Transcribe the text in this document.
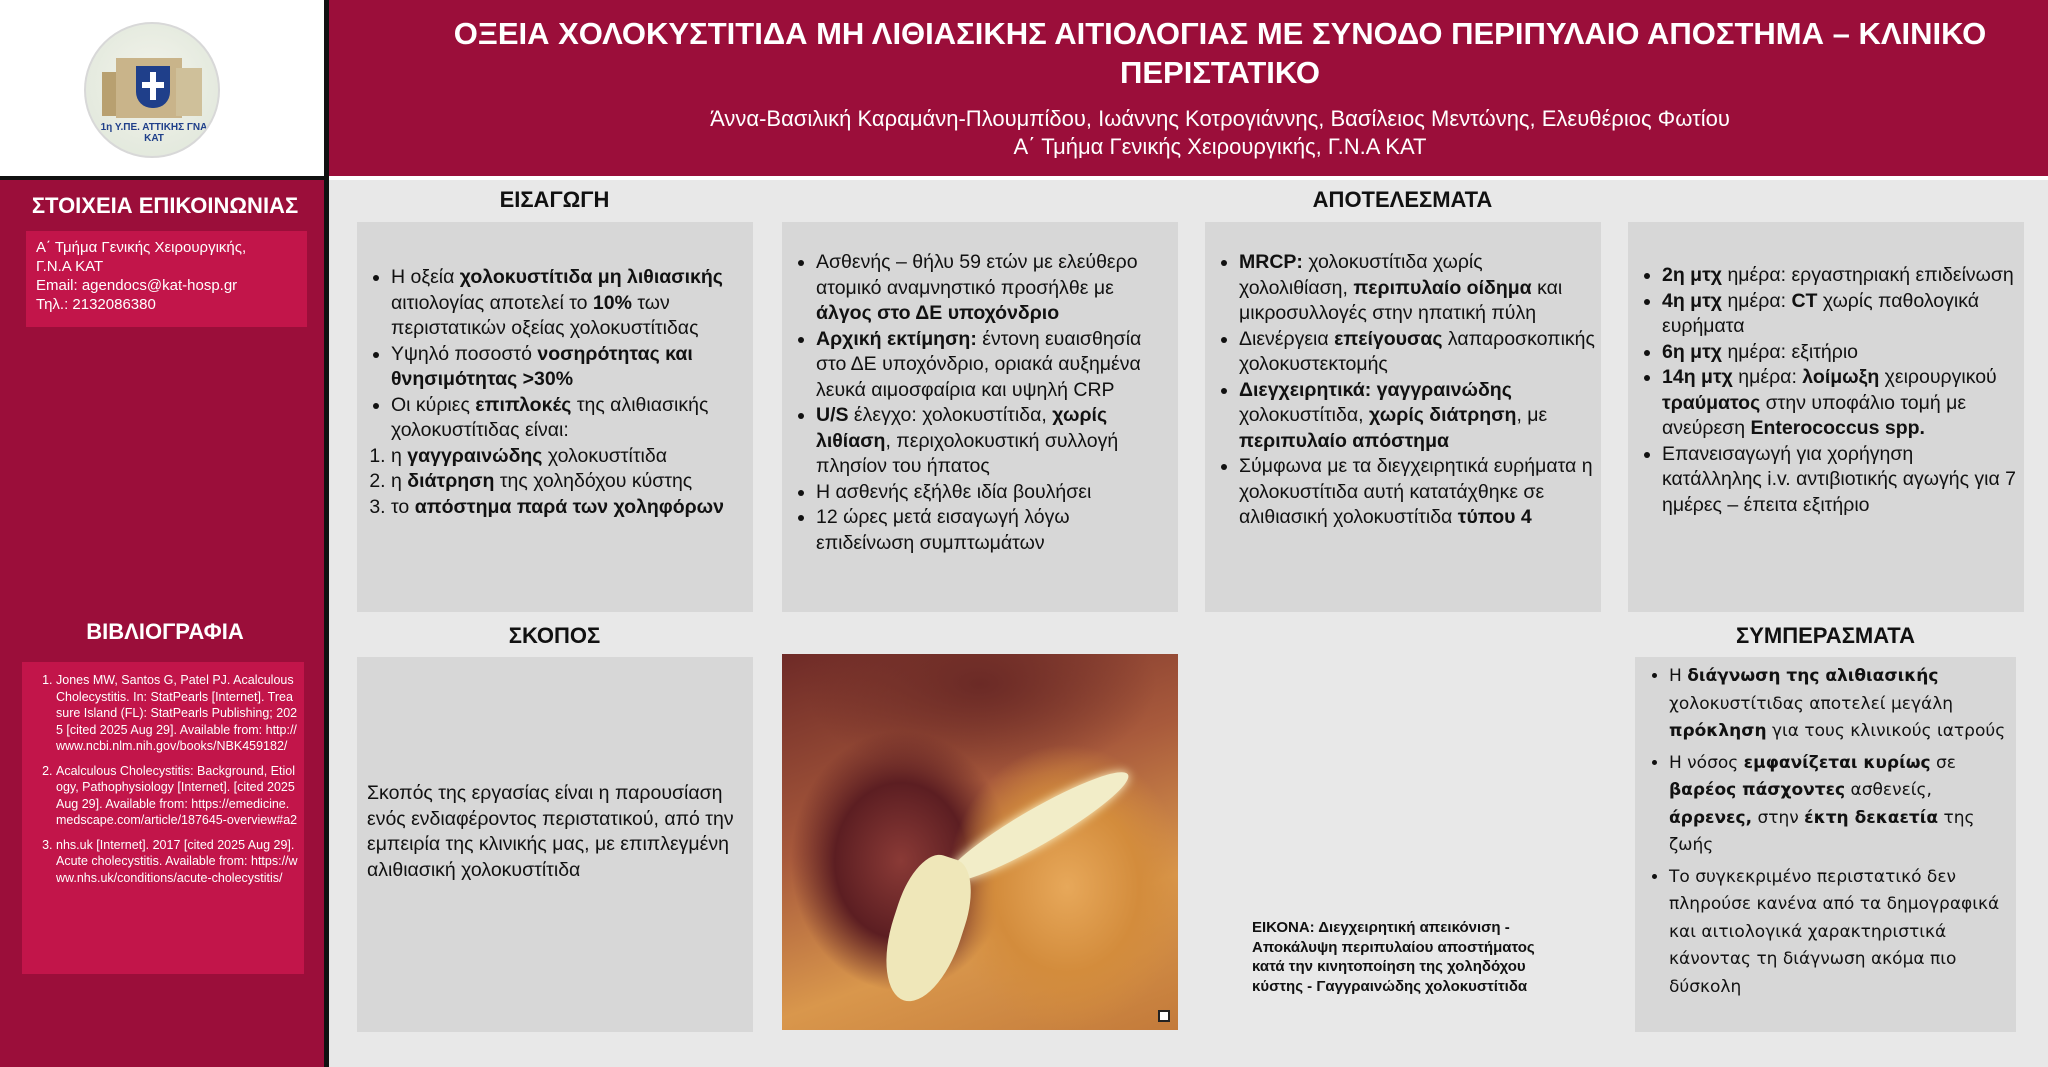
1η Υ.ΠΕ. ΑΤΤΙΚΗΣ ΓΝΑ ΚΑΤ
ΟΞΕΙΑ ΧΟΛΟΚΥΣΤΙΤΙΔΑ ΜΗ ΛΙΘΙΑΣΙΚΗΣ ΑΙΤΙΟΛΟΓΙΑΣ ΜΕ ΣΥΝΟΔΟ ΠΕΡΙΠΥΛΑΙΟ ΑΠΟΣΤΗΜΑ – ΚΛΙΝΙΚΟ ΠΕΡΙΣΤΑΤΙΚΟ
Άννα-Βασιλική Καραμάνη-Πλουμπίδου, Ιωάννης Κοτρογιάννης, Βασίλειος Μεντώνης, Ελευθέριος Φωτίου
Α΄ Τμήμα Γενικής Χειρουργικής, Γ.Ν.Α ΚΑΤ
ΣΤΟΙΧΕΙΑ ΕΠΙΚΟΙΝΩΝΙΑΣ
Α΄ Τμήμα Γενικής Χειρουργικής,
Γ.Ν.Α ΚΑΤ
Email: agendocs@kat-hosp.gr
Τηλ.: 2132086380
ΒΙΒΛΙΟΓΡΑΦΙΑ
1. Jones MW, Santos G, Patel PJ. Acalculous Cholecystitis. In: StatPearls [Internet]. Treasure Island (FL): StatPearls Publishing; 2025 [cited 2025 Aug 29]. Available from: http://www.ncbi.nlm.nih.gov/books/NBK459182/
2. Acalculous Cholecystitis: Background, Etiology, Pathophysiology [Internet]. [cited 2025 Aug 29]. Available from: https://emedicine.medscape.com/article/187645-overview#a2
3. nhs.uk [Internet]. 2017 [cited 2025 Aug 29]. Acute cholecystitis. Available from: https://www.nhs.uk/conditions/acute-cholecystitis/
ΕΙΣΑΓΩΓΗ	ΑΠΟΤΕΛΕΣΜΑΤΑ
ΣΚΟΠΟΣ	ΣΥΜΠΕΡΑΣΜΑΤΑ
• Η οξεία χολοκυστίτιδα μη λιθιασικής αιτιολογίας αποτελεί το 10% των περιστατικών οξείας χολοκυστίτιδας
• Υψηλό ποσοστό νοσηρότητας και θνησιμότητας >30%
• Οι κύριες επιπλοκές της αλιθιασικής χολοκυστίτιδας είναι:
1. η γαγγραινώδης χολοκυστίτιδα
2. η διάτρηση της χοληδόχου κύστης
3. το απόστημα παρά των χοληφόρων
• Ασθενής – θήλυ 59 ετών με ελεύθερο ατομικό αναμνηστικό προσήλθε με άλγος στο ΔΕ υποχόνδριο
• Αρχική εκτίμηση: έντονη ευαισθησία στο ΔΕ υποχόνδριο, οριακά αυξημένα λευκά αιμοσφαίρια και υψηλή CRP
• U/S έλεγχο: χολοκυστίτιδα, χωρίς λιθίαση, περιχολοκυστική συλλογή πλησίον του ήπατος
• Η ασθενής εξήλθε ιδία βουλήσει
• 12 ώρες μετά εισαγωγή λόγω επιδείνωση συμπτωμάτων
• MRCP: χολοκυστίτιδα χωρίς χολολιθίαση, περιπυλαίο οίδημα και μικροσυλλογές στην ηπατική πύλη
• Διενέργεια επείγουσας λαπαροσκοπικής χολοκυστεκτομής
• Διεγχειρητικά: γαγγραινώδης χολοκυστίτιδα, χωρίς διάτρηση, με περιπυλαίο απόστημα
• Σύμφωνα με τα διεγχειρητικά ευρήματα η χολοκυστίτιδα αυτή κατατάχθηκε σε αλιθιασική χολοκυστίτιδα τύπου 4
• 2η μτχ ημέρα: εργαστηριακή επιδείνωση
• 4η μτχ ημέρα: CT χωρίς παθολογικά ευρήματα
• 6η μτχ ημέρα: εξιτήριο
• 14η μτχ ημέρα: λοίμωξη χειρουργικού τραύματος στην υποφάλιο τομή με ανεύρεση Enterococcus spp.
• Επανεισαγωγή για χορήγηση κατάλληλης i.v. αντιβιοτικής αγωγής για 7 ημέρες – έπειτα εξιτήριο
Σκοπός της εργασίας είναι η παρουσίαση ενός ενδιαφέροντος περιστατικού, από την εμπειρία της κλινικής μας, με επιπλεγμένη αλιθιασική χολοκυστίτιδα
ΕΙΚΟΝΑ: Διεγχειρητική απεικόνιση - Αποκάλυψη περιπυλαίου αποστήματος κατά την κινητοποίηση της χοληδόχου κύστης - Γαγγραινώδης χολοκυστίτιδα
• Η διάγνωση της αλιθιασικής χολοκυστίτιδας αποτελεί μεγάλη πρόκληση για τους κλινικούς ιατρούς
• Η νόσος εμφανίζεται κυρίως σε βαρέος πάσχοντες ασθενείς, άρρενες, στην έκτη δεκαετία της ζωής
• Το συγκεκριμένο περιστατικό δεν πληρούσε κανένα από τα δημογραφικά και αιτιολογικά χαρακτηριστικά κάνοντας τη διάγνωση ακόμα πιο δύσκολη
